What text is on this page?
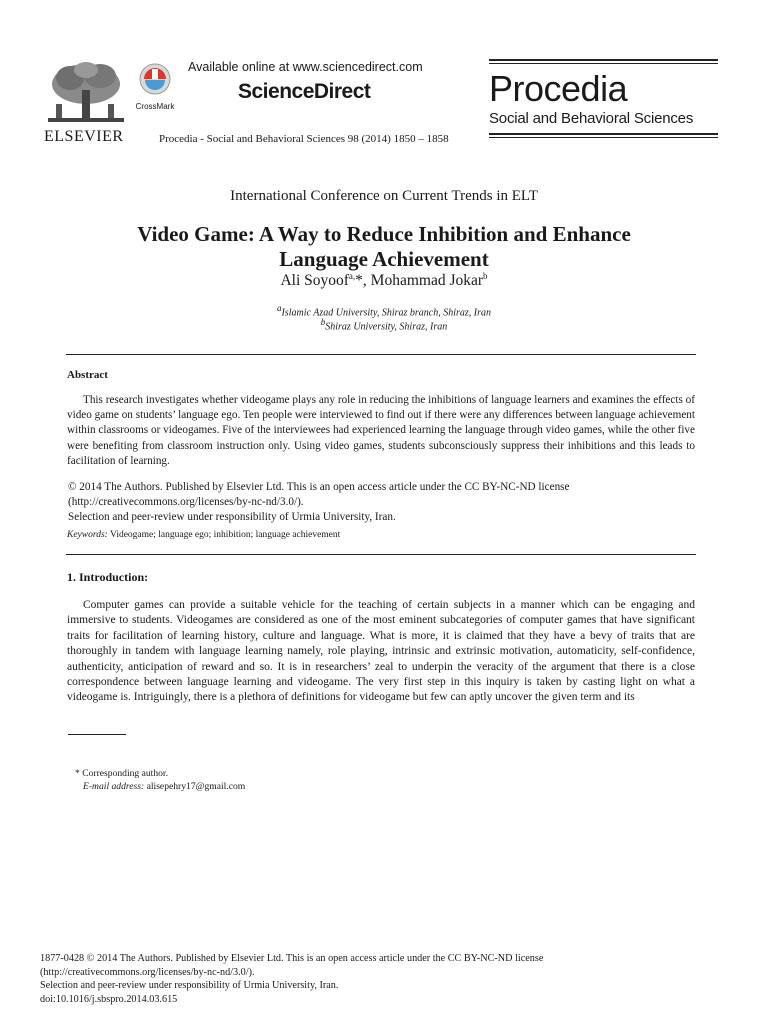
ELSEVIER
CrossMark
Available online at www.sciencedirect.com
ScienceDirect
Procedia - Social and Behavioral Sciences 98 (2014) 1850 – 1858
Procedia
Social and Behavioral Sciences
International Conference on Current Trends in ELT
Video Game: A Way to Reduce Inhibition and Enhance
Language Achievement
Ali Soyoof$^{a,}$*, Mohammad Jokar$^b$
$^a$Islamic Azad University, Shiraz branch, Shiraz, Iran
$^b$Shiraz University, Shiraz, Iran
Abstract

This research investigates whether videogame plays any role in reducing the inhibitions of language learners and examines the effects of video game on students’ language ego. Ten people were interviewed to find out if there were any differences between language achievement within classrooms or videogames. Five of the interviewees had experienced learning the language through video games, while the other five were benefiting from classroom instruction only. Using video games, students subconsciously suppress their inhibitions and this leads to facilitation of learning.

© 2014 The Authors. Published by Elsevier Ltd. This is an open access article under the CC BY-NC-ND license
(http://creativecommons.org/licenses/by-nc-nd/3.0/).
Selection and peer-review under responsibility of Urmia University, Iran.
Keywords: Videogame; language ego; inhibition; language achievement
1. Introduction:

Computer games can provide a suitable vehicle for the teaching of certain subjects in a manner which can be engaging and immersive to students. Videogames are considered as one of the most eminent subcategories of computer games that have significant traits for facilitation of learning history, culture and language. What is more, it is claimed that they have a bevy of traits that are thoroughly in tandem with language learning namely, role playing, intrinsic and extrinsic motivation, automaticity, self-confidence, authenticity, anticipation of reward and so. It is in researchers’ zeal to underpin the veracity of the argument that there is a close correspondence between language learning and videogame. The very first step in this inquiry is taken by casting light on what a videogame is. Intriguingly, there is a plethora of definitions for videogame but few can aptly uncover the given term and its

* Corresponding author.
E-mail address: alisepehry17@gmail.com
1877-0428 © 2014 The Authors. Published by Elsevier Ltd. This is an open access article under the CC BY-NC-ND license
(http://creativecommons.org/licenses/by-nc-nd/3.0/).
Selection and peer-review under responsibility of Urmia University, Iran.
doi:10.1016/j.sbspro.2014.03.615
